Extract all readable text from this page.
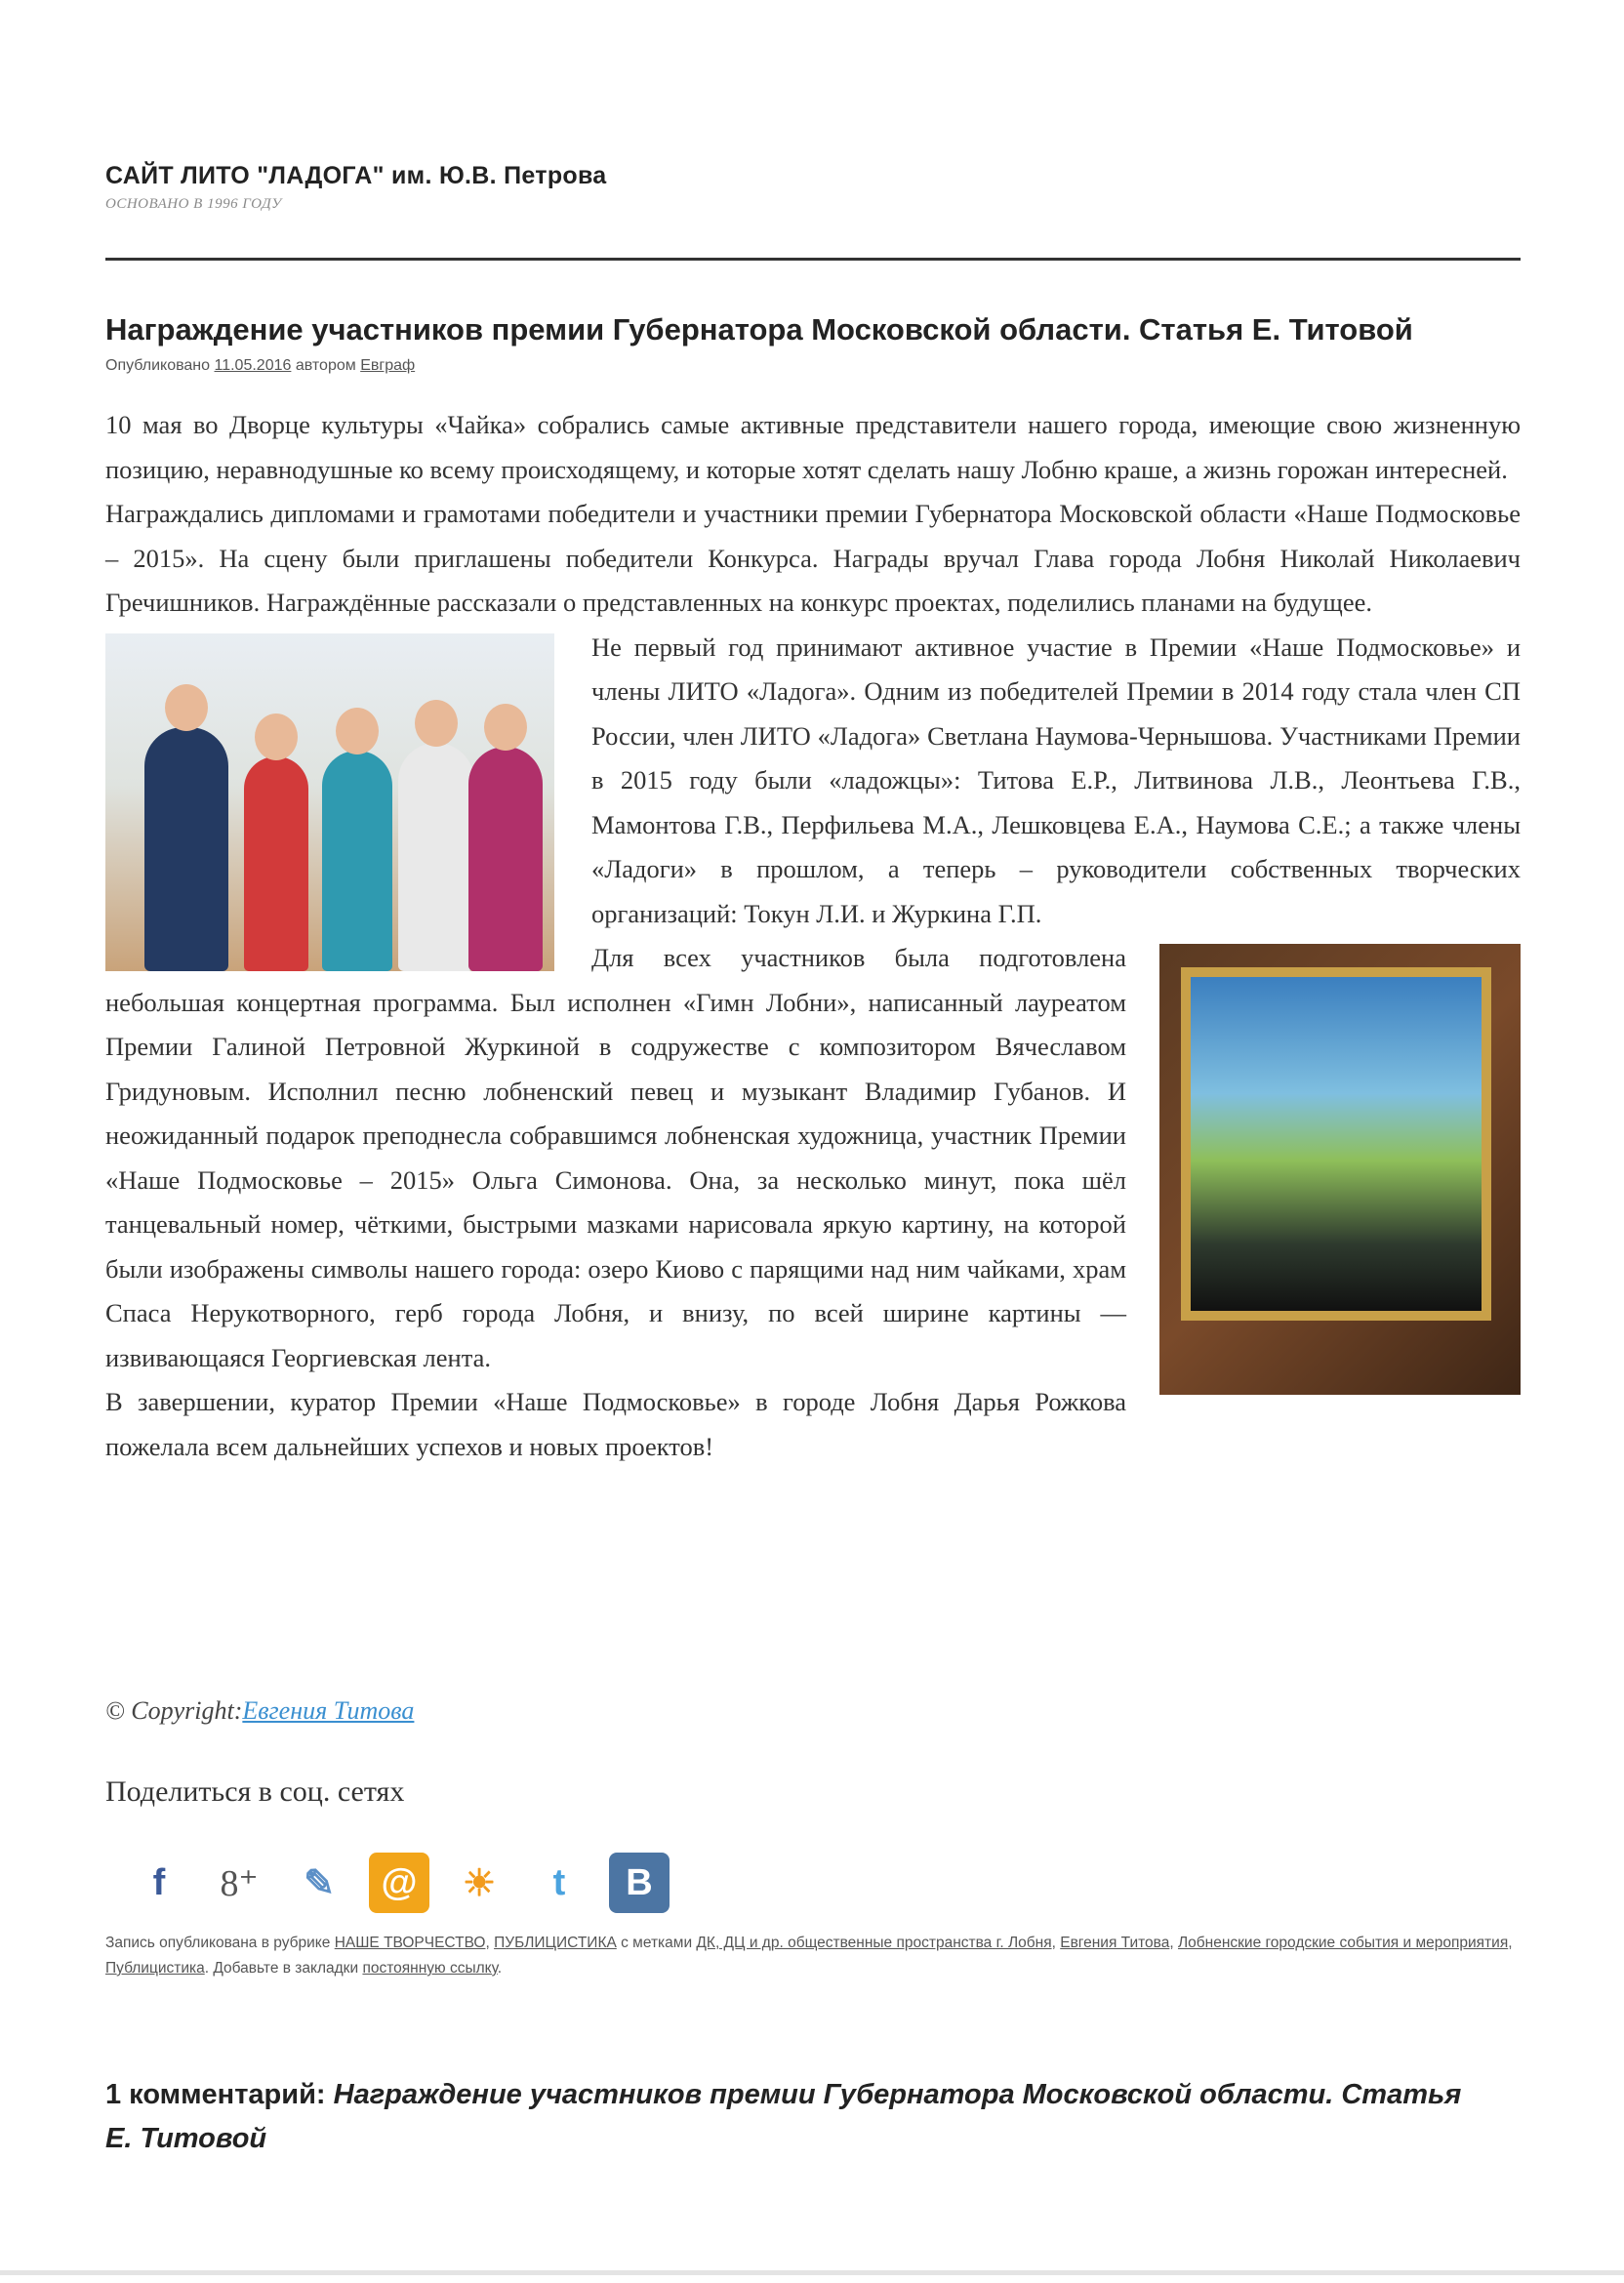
САЙТ ЛИТО "ЛАДОГА" им. Ю.В. Петрова
ОСНОВАНО В 1996 ГОДУ
Награждение участников премии Губернатора Московской области. Статья Е. Титовой
Опубликовано 11.05.2016 автором Евграф

10 мая во Дворце культуры «Чайка» собрались самые активные представители нашего города, имеющие свою жизненную позицию, неравнодушные ко всему происходящему, и которые хотят сделать нашу Лобню краше, а жизнь горожан интересней.

Награждались дипломами и грамотами победители и участники премии Губернатора Московской области «Наше Подмосковье – 2015». На сцену были приглашены победители Конкурса. Награды вручал Глава города Лобня Николай Николаевич Гречишников. Награждённые рассказали о представленных на конкурс проектах, поделились планами на будущее.

Не первый год принимают активное участие в Премии «Наше Подмосковье» и члены ЛИТО «Ладога». Одним из победителей Премии в 2014 году стала член СП России, член ЛИТО «Ладога» Светлана Наумова-Чернышова. Участниками Премии в 2015 году были «ладожцы»: Титова Е.Р., Литвинова Л.В., Леонтьева Г.В., Мамонтова Г.В., Перфильева М.А., Лешковцева Е.А., Наумова С.Е.; а также члены «Ладоги» в прошлом, а теперь – руководители собственных творческих организаций: Токун Л.И. и Журкина Г.П.

Для всех участников была подготовлена небольшая концертная программа. Был исполнен «Гимн Лобни», написанный лауреатом Премии Галиной Петровной Журкиной в содружестве с композитором Вячеславом Гридуновым. Исполнил песню лобненский певец и музыкант Владимир Губанов. И неожиданный подарок преподнесла собравшимся лобненская художница, участник Премии «Наше Подмосковье – 2015» Ольга Симонова. Она, за несколько минут, пока шёл танцевальный номер, чёткими, быстрыми мазками нарисовала яркую картину, на которой были изображены символы нашего города: озеро Киово с парящими над ним чайками, храм Спаса Нерукотворного, герб города Лобня, и внизу, по всей ширине картины — извивающаяся Георгиевская лента.

В завершении, куратор Премии «Наше Подмосковье» в городе Лобня Дарья Рожкова пожелала всем дальнейших успехов и новых проектов!

© Copyright:Евгения Титова
Поделиться в соц. сетях
f	8⁺	✎	@	☀	t	B
Запись опубликована в рубрике НАШЕ ТВОРЧЕСТВО, ПУБЛИЦИСТИКА с метками ДК, ДЦ и др. общественные пространства г. Лобня, Евгения Титова, Лобненские городские события и мероприятия, Публицистика. Добавьте в закладки постоянную ссылку.
1 комментарий: Награждение участников премии Губернатора Московской области. Статья Е. Титовой
